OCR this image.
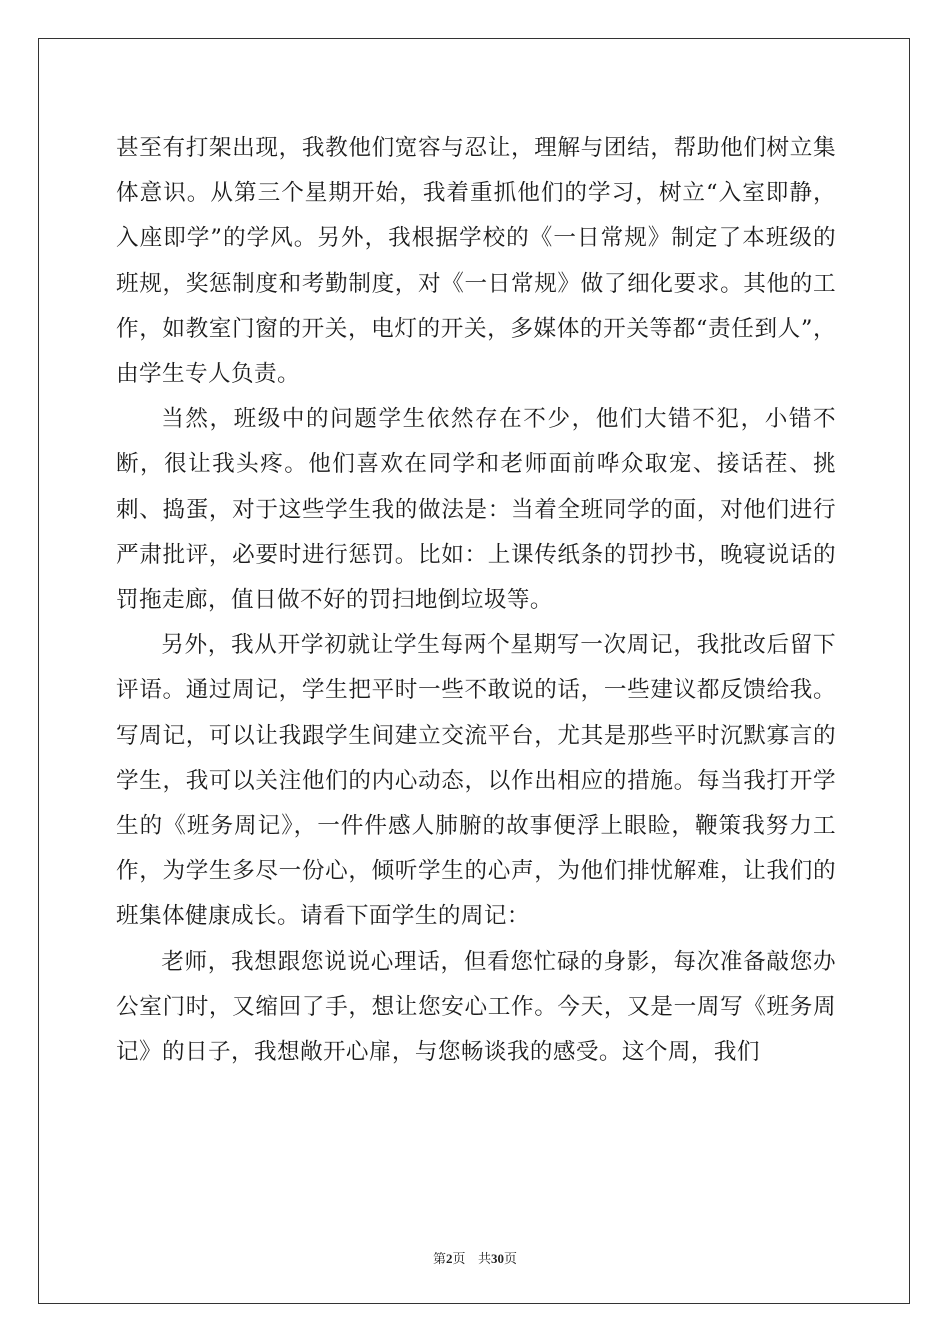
甚至有打架出现，我教他们宽容与忍让，理解与团结，帮助他们树立集体意识。从第三个星期开始，我着重抓他们的学习，树立“入室即静，入座即学”的学风。另外，我根据学校的《一日常规》制定了本班级的班规，奖惩制度和考勤制度，对《一日常规》做了细化要求。其他的工作，如教室门窗的开关，电灯的开关，多媒体的开关等都“责任到人”，由学生专人负责。

当然，班级中的问题学生依然存在不少，他们大错不犯，小错不断，很让我头疼。他们喜欢在同学和老师面前哗众取宠、接话茬、挑刺、捣蛋，对于这些学生我的做法是：当着全班同学的面，对他们进行严肃批评，必要时进行惩罚。比如：上课传纸条的罚抄书，晚寝说话的罚拖走廊，值日做不好的罚扫地倒垃圾等。

另外，我从开学初就让学生每两个星期写一次周记，我批改后留下评语。通过周记，学生把平时一些不敢说的话，一些建议都反馈给我。写周记，可以让我跟学生间建立交流平台，尤其是那些平时沉默寡言的学生，我可以关注他们的内心动态，以作出相应的措施。每当我打开学生的《班务周记》，一件件感人肺腑的故事便浮上眼睑，鞭策我努力工作，为学生多尽一份心，倾听学生的心声，为他们排忧解难，让我们的班集体健康成长。请看下面学生的周记：

老师，我想跟您说说心理话，但看您忙碌的身影，每次准备敲您办公室门时，又缩回了手，想让您安心工作。今天，又是一周写《班务周记》的日子，我想敞开心扉，与您畅谈我的感受。这个周，我们

第2页 共30页
